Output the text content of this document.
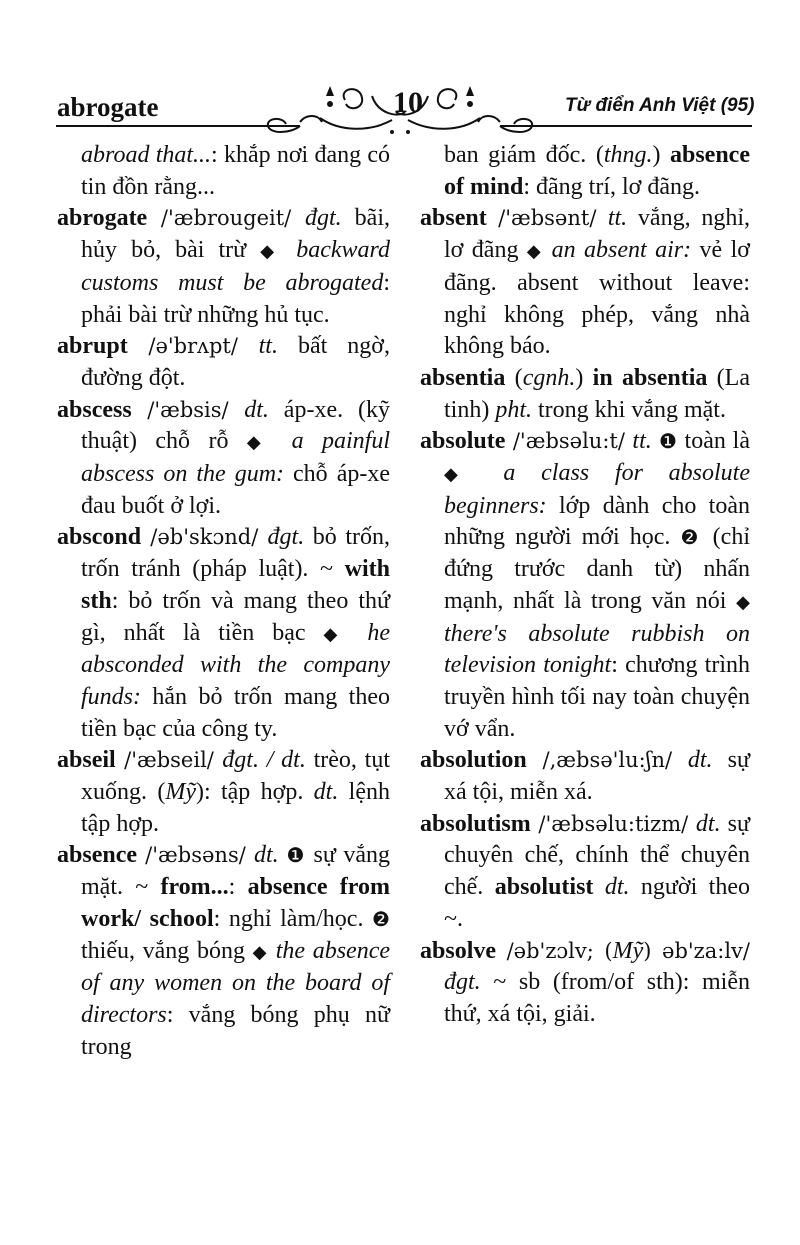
abrogate	10	Từ điển Anh Việt (95)

abroad that...: khắp nơi đang có tin đồn rằng...

abrogate /'æbrougeit/ đgt. bãi, hủy bỏ, bài trừ ◆ backward customs must be abrogated: phải bài trừ những hủ tục.

abrupt /ə'brʌpt/ tt. bất ngờ, đường đột.

abscess /'æbsis/ dt. áp-xe. (kỹ thuật) chỗ rỗ ◆ a painful abscess on the gum: chỗ áp-xe đau buốt ở lợi.

abscond /əb'skɔnd/ đgt. bỏ trốn, trốn tránh (pháp luật). ~ with sth: bỏ trốn và mang theo thứ gì, nhất là tiền bạc ◆ he absconded with the company funds: hắn bỏ trốn mang theo tiền bạc của công ty.

abseil /'æbseil/ đgt. / dt. trèo, tụt xuống. (Mỹ): tập hợp. dt. lệnh tập hợp.

absence /'æbsəns/ dt. ❶ sự vắng mặt. ~ from...: absence from work/ school: nghỉ làm/học. ❷ thiếu, vắng bóng ◆ the absence of any women on the board of directors: vắng bóng phụ nữ trong

ban giám đốc. (thng.) absence of mind: đãng trí, lơ đãng.

absent /'æbsənt/ tt. vắng, nghỉ, lơ đãng ◆ an absent air: vẻ lơ đãng. absent without leave: nghỉ không phép, vắng nhà không báo.

absentia (cgnh.) in absentia (La tinh) pht. trong khi vắng mặt.

absolute /'æbsəlu:t/ tt. ❶ toàn là ◆ a class for absolute beginners: lớp dành cho toàn những người mới học. ❷ (chỉ đứng trước danh từ) nhấn mạnh, nhất là trong văn nói ◆ there's absolute rubbish on television tonight: chương trình truyền hình tối nay toàn chuyện vớ vẩn.

absolution /,æbsə'lu:ʃn/ dt. sự xá tội, miễn xá.

absolutism /'æbsəlu:tizm/ dt. sự chuyên chế, chính thể chuyên chế. absolutist dt. người theo ~.

absolve /əb'zɔlv; (Mỹ) əb'za:lv/ đgt. ~ sb (from/of sth): miễn thứ, xá tội, giải.
